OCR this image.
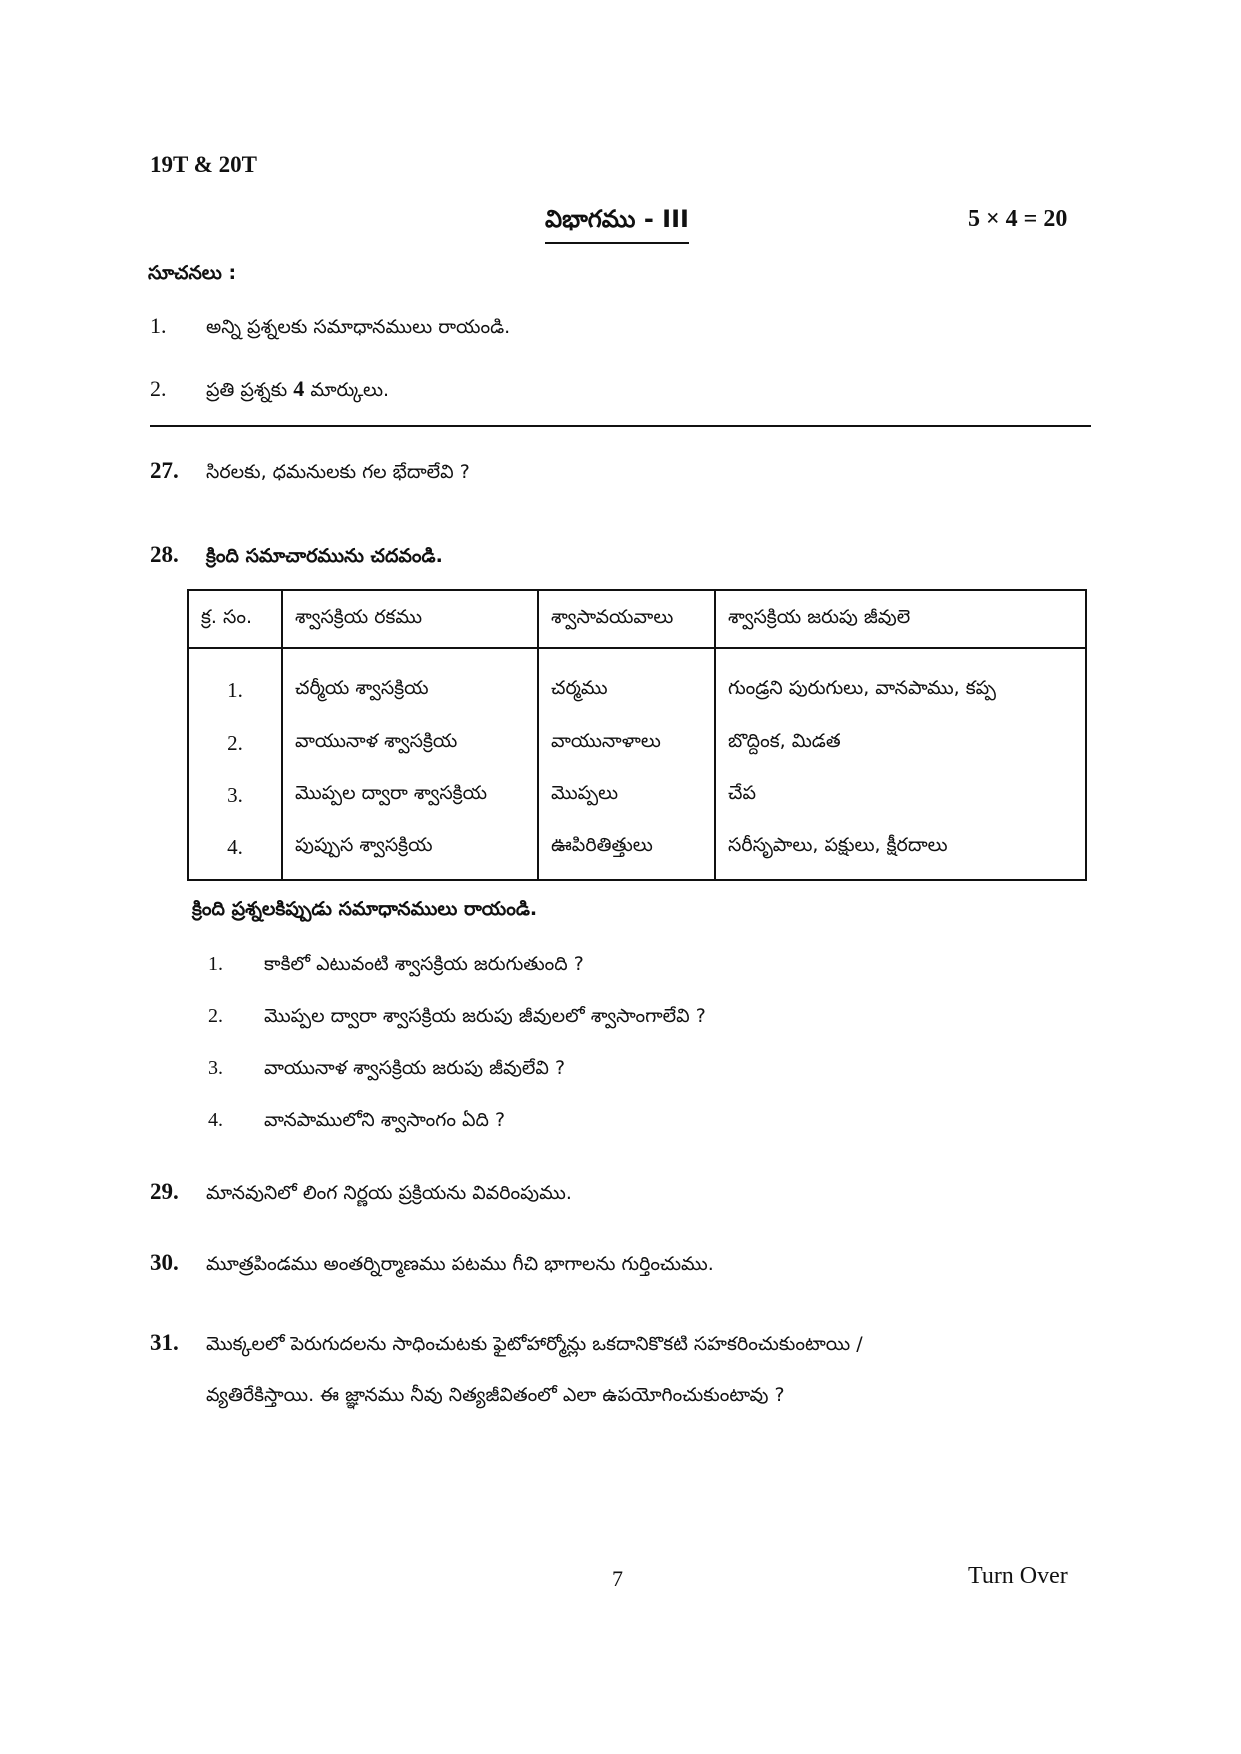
19T & 20T
విభాగము - III	5 × 4 = 20
సూచనలు :
1. అన్ని ప్రశ్నలకు సమాధానములు రాయండి.
2. ప్రతి ప్రశ్నకు 4 మార్కులు.
27. సిరలకు, ధమనులకు గల భేదాలేవి ?
28. క్రింది సమాచారమును చదవండి.
క్ర. సం.	శ్వాసక్రియ రకము	శ్వాసావయవాలు	శ్వాసక్రియ జరుపు జీవులె
1.	చర్మీయ శ్వాసక్రియ	చర్మము	గుండ్రని పురుగులు, వానపాము, కప్ప
2.	వాయునాళ శ్వాసక్రియ	వాయునాళాలు	బొద్దింక, మిడత
3.	మొప్పల ద్వారా శ్వాసక్రియ	మొప్పలు	చేప
4.	పుప్పుస శ్వాసక్రియ	ఊపిరితిత్తులు	సరీసృపాలు, పక్షులు, క్షీరదాలు
క్రింది ప్రశ్నలకిప్పుడు సమాధానములు రాయండి.
1. కాకిలో ఎటువంటి శ్వాసక్రియ జరుగుతుంది ?
2. మొప్పల ద్వారా శ్వాసక్రియ జరుపు జీవులలో శ్వాసాంగాలేవి ?
3. వాయునాళ శ్వాసక్రియ జరుపు జీవులేవి ?
4. వానపాములోని శ్వాసాంగం ఏది ?
29. మానవునిలో లింగ నిర్ణయ ప్రక్రియను వివరింపుము.
30. మూత్రపిండము అంతర్నిర్మాణము పటము గీచి భాగాలను గుర్తించుము.
31. మొక్కలలో పెరుగుదలను సాధించుటకు ఫైటోహార్మోన్లు ఒకదానికొకటి సహకరించుకుంటాయి /
వ్యతిరేకిస్తాయి. ఈ జ్ఞానము నీవు నిత్యజీవితంలో ఎలా ఉపయోగించుకుంటావు ?
7	Turn Over
